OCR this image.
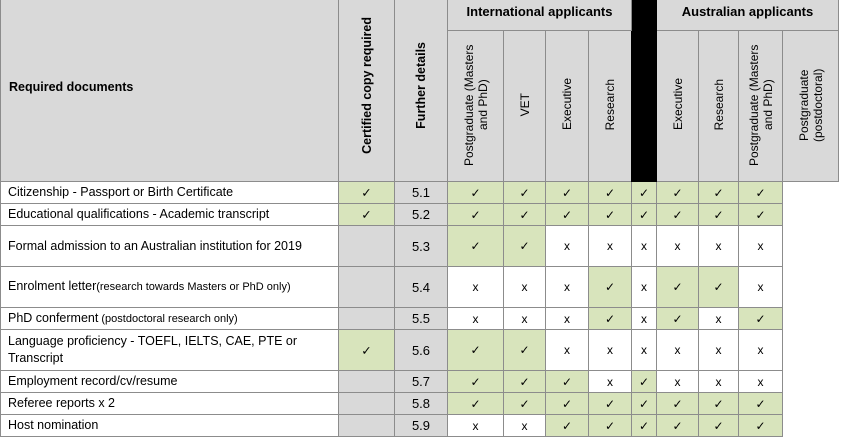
Required documents	Certified copy required	Further details	International applicants					Australian applicants			
			Postgraduate (Masters and PhD)	VET	Executive	Research		Executive	Research	Postgraduate (Masters and PhD)	Postgraduate (postdoctoral)
Citizenship - Passport or Birth Certificate	✓	5.1	✓	✓	✓	✓	✓	✓	✓	✓	
Educational qualifications - Academic transcript	✓	5.2	✓	✓	✓	✓	✓	✓	✓	✓	
Formal admission to an Australian institution for 2019		5.3	✓	✓	x	x	x	x	x	x	
Enrolment letter(research towards Masters or PhD only)		5.4	x	x	x	✓	x	✓	✓	x	
PhD conferment (postdoctoral research only)		5.5	x	x	x	✓	x	✓	x	✓	
Language proficiency - TOEFL, IELTS, CAE, PTE or Transcript	✓	5.6	✓	✓	x	x	x	x	x	x	
Employment record/cv/resume		5.7	✓	✓	✓	x	✓	x	x	x	
Referee reports x 2		5.8	✓	✓	✓	✓	✓	✓	✓	✓	
Host nomination		5.9	x	x	✓	✓	✓	✓	✓	✓	
